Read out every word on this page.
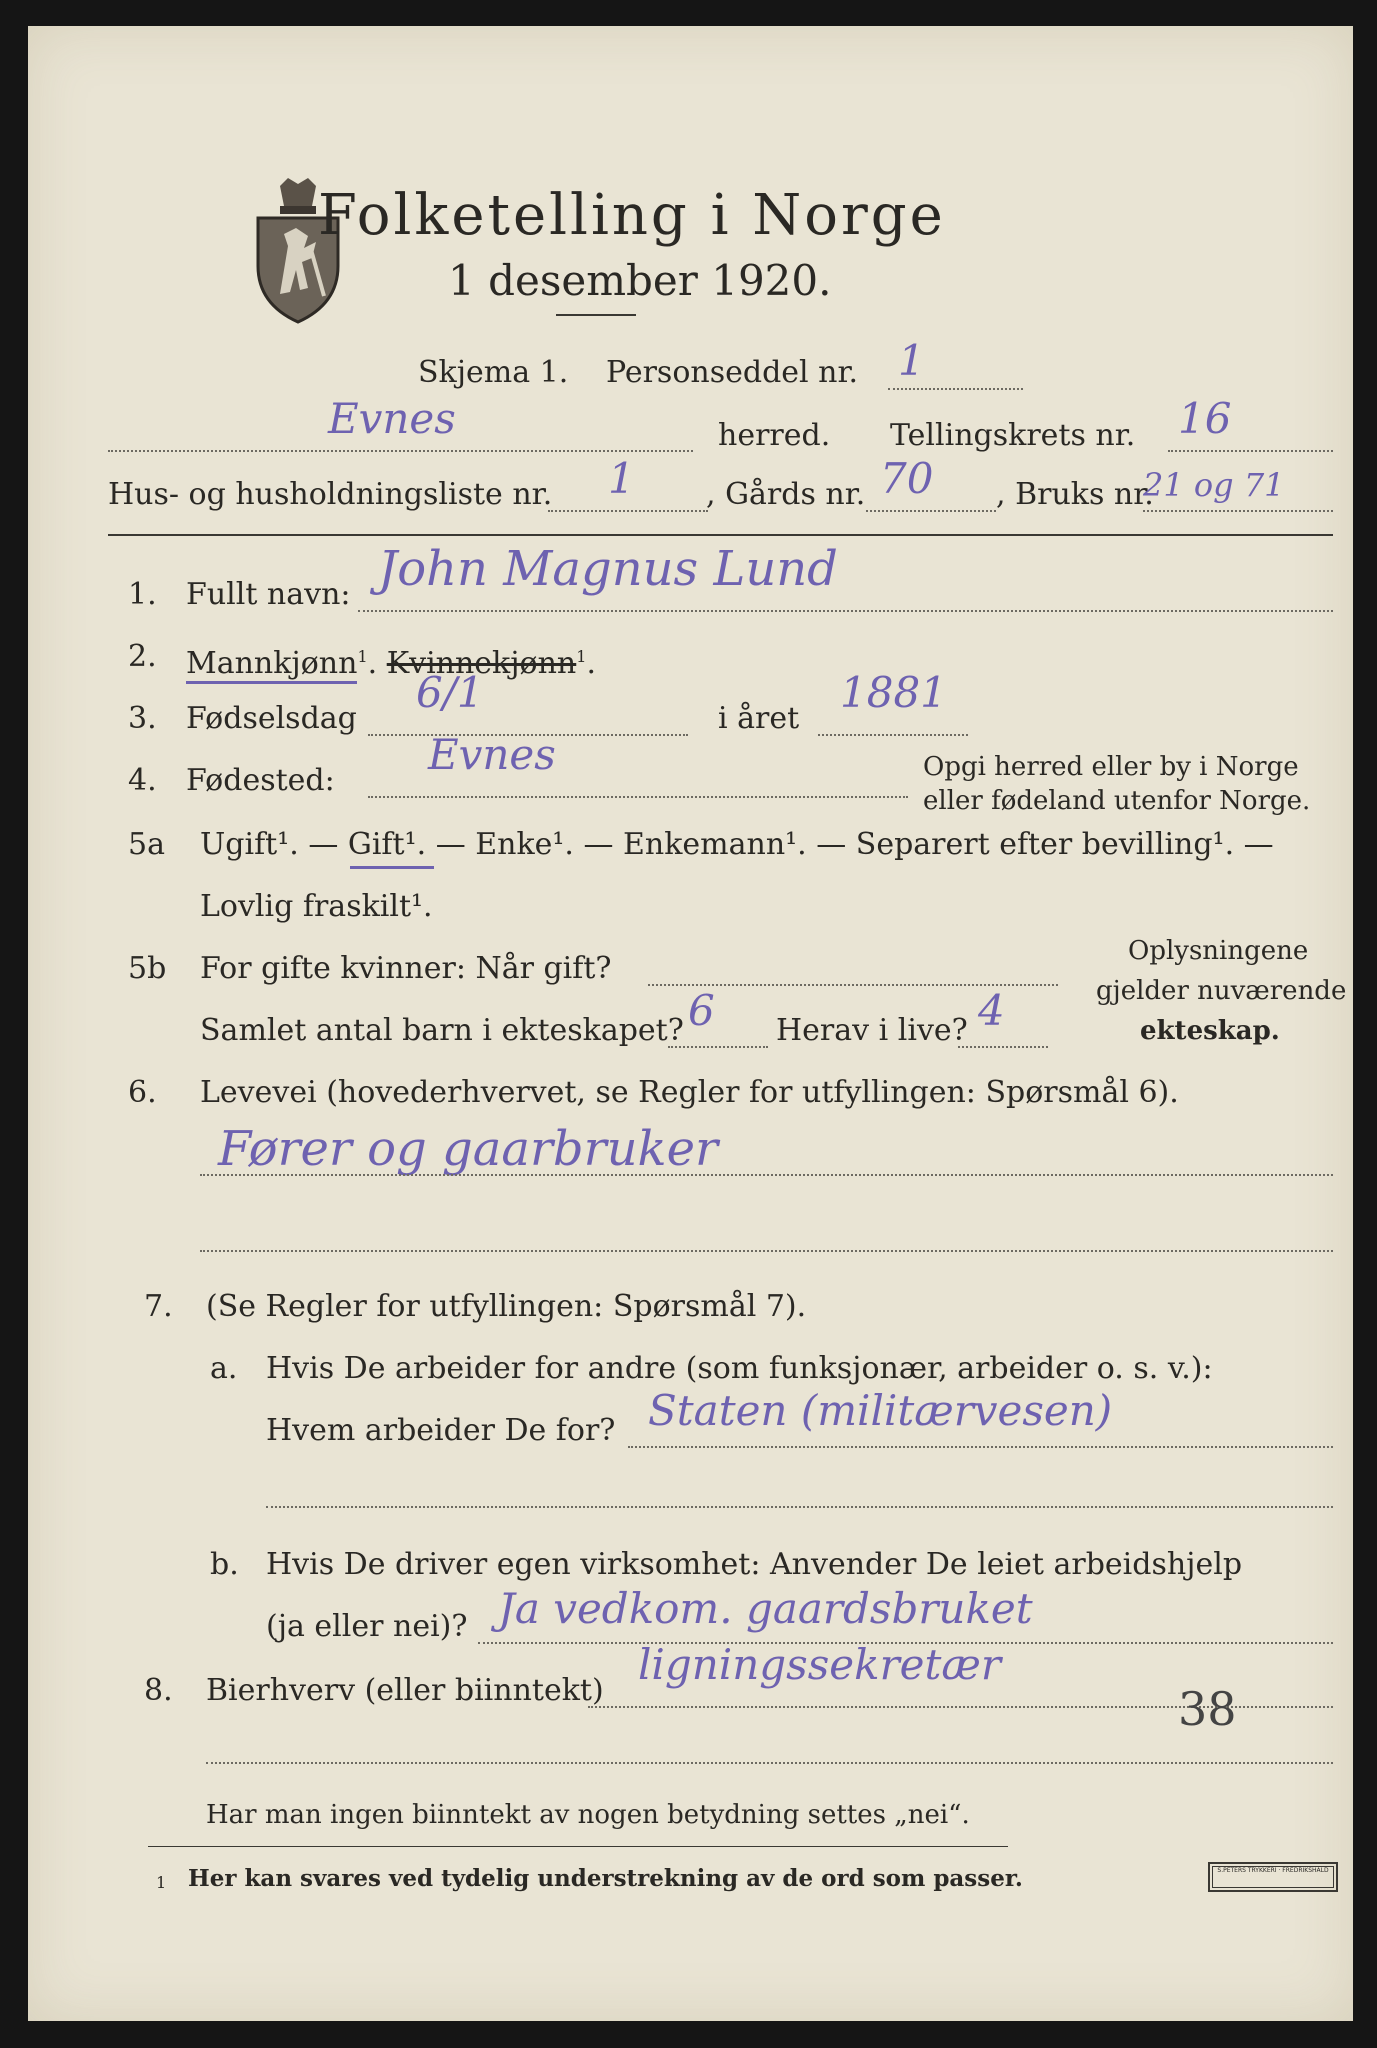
Folketelling i Norge
1 desember 1920.
Skjema 1. Personseddel nr. 1
Evnes	herred. Tellingskrets nr. 16
Hus- og husholdningsliste nr. 1 , Gårds nr. 70 , Bruks nr.
21 og 71
1. Fullt navn: John Magnus Lund
2. Mannkjønn$^1$. Kvinnekjønn$^1$.
3. Fødselsdag
6/1
i året
1881
4. Fødested:
Evnes	Opgi herred eller by i Norge
eller fødeland utenfor Norge.
5a Ugift¹. — Gift¹. — Enke¹. — Enkemann¹. — Separert efter bevilling¹. —
Lovlig fraskilt¹.
5b For gifte kvinner: Når gift?
Samlet antal barn i ekteskapet? 6 Herav i live? 4
Oplysningene
gjelder nuværende
ekteskap.
6. Levevei (hovederhvervet, se Regler for utfyllingen: Spørsmål 6).
Fører og gaarbruker
7. (Se Regler for utfyllingen: Spørsmål 7).
a. Hvis De arbeider for andre (som funksjonær, arbeider o. s. v.):
Hvem arbeider De for? Staten (militærvesen)
b. Hvis De driver egen virksomhet: Anvender De leiet arbeidshjelp
(ja eller nei)? Ja vedkom. gaardsbruket
8. Bierhverv (eller biinntekt)
ligningssekretær
38
Har man ingen biinntekt av nogen betydning settes „nei“.
1 Her kan svares ved tydelig understrekning av de ord som passer.	S.PETERS TRYKKERI · FREDRIKSHALD
